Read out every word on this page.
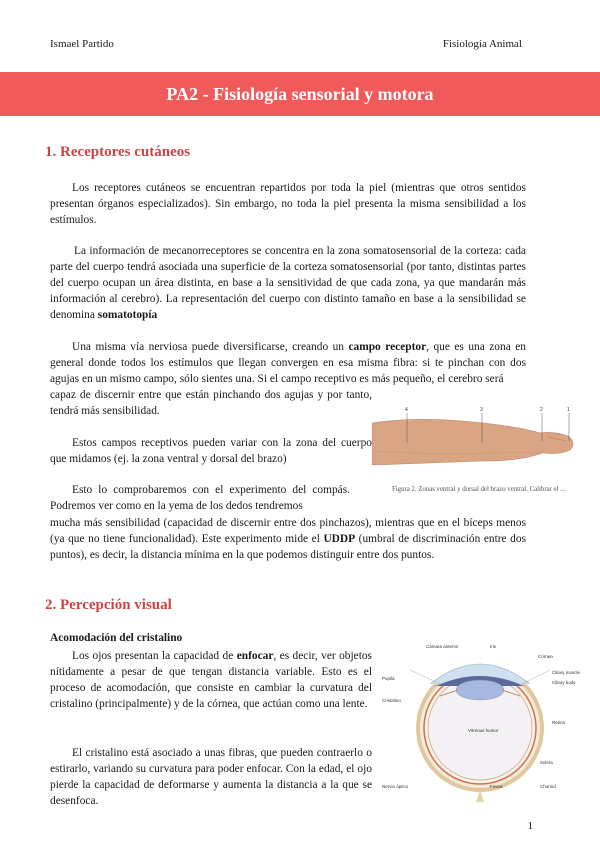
Ismael Partido	Fisiología Animal
PA2 - Fisiología sensorial y motora
1. Receptores cutáneos
Los receptores cutáneos se encuentran repartidos por toda la piel (mientras que otros sentidos presentan órganos especializados). Sin embargo, no toda la piel presenta la misma sensibilidad a los estímulos.
La información de mecanorreceptores se concentra en la zona somatosensorial de la corteza: cada parte del cuerpo tendrá asociada una superficie de la corteza somatosensorial (por tanto, distintas partes del cuerpo ocupan un área distinta, en base a la sensitividad de que cada zona, ya que mandarán más información al cerebro). La representación del cuerpo con distinto tamaño en base a la sensibilidad se denomina somatotopía
Una misma vía nerviosa puede diversificarse, creando un campo receptor, que es una zona en general donde todos los estímulos que llegan convergen en esa misma fibra: si te pinchan con dos agujas en un mismo campo, sólo sientes una. Si el campo receptivo es más pequeño, el cerebro será
capaz de discernir entre que están pinchando dos agujas y por tanto, tendrá más sensibilidad.
Estos campos receptivos pueden variar con la zona del cuerpo que midamos (ej. la zona ventral y dorsal del brazo)
Esto lo comprobaremos con el experimento del compás. Podremos ver como en la yema de los dedos tendremos
mucha más sensibilidad (capacidad de discernir entre dos pinchazos), mientras que en el bíceps menos (ya que no tiene funcionalidad). Este experimento mide el UDDP (umbral de discriminación entre dos puntos), es decir, la distancia mínima en la que podemos distinguir entre dos puntos.
4	3	2	1
Figura 2. Zonas ventral y dorsal del brazo ventral. Calibrar el ...
2. Percepción visual
Acomodación del cristalino
Los ojos presentan la capacidad de enfocar, es decir, ver objetos nítidamente a pesar de que tengan distancia variable. Esto es el proceso de acomodación, que consiste en cambiar la curvatura del cristalino (principalmente) y de la córnea, que actúan como una lente.
El cristalino está asociado a unas fibras, que pueden contraerlo o estirarlo, variando su curvatura para poder enfocar. Con la edad, el ojo pierde la capacidad de deformarse y aumenta la distancia a la que se desenfoca.
Cámara anterior	Iris
Córnea
Pupila
Cristalino
Ciliary muscle
Ciliary body
Retina
Vitreous humor
Nervio óptico	Fovea
Sclera
Choroid
1
